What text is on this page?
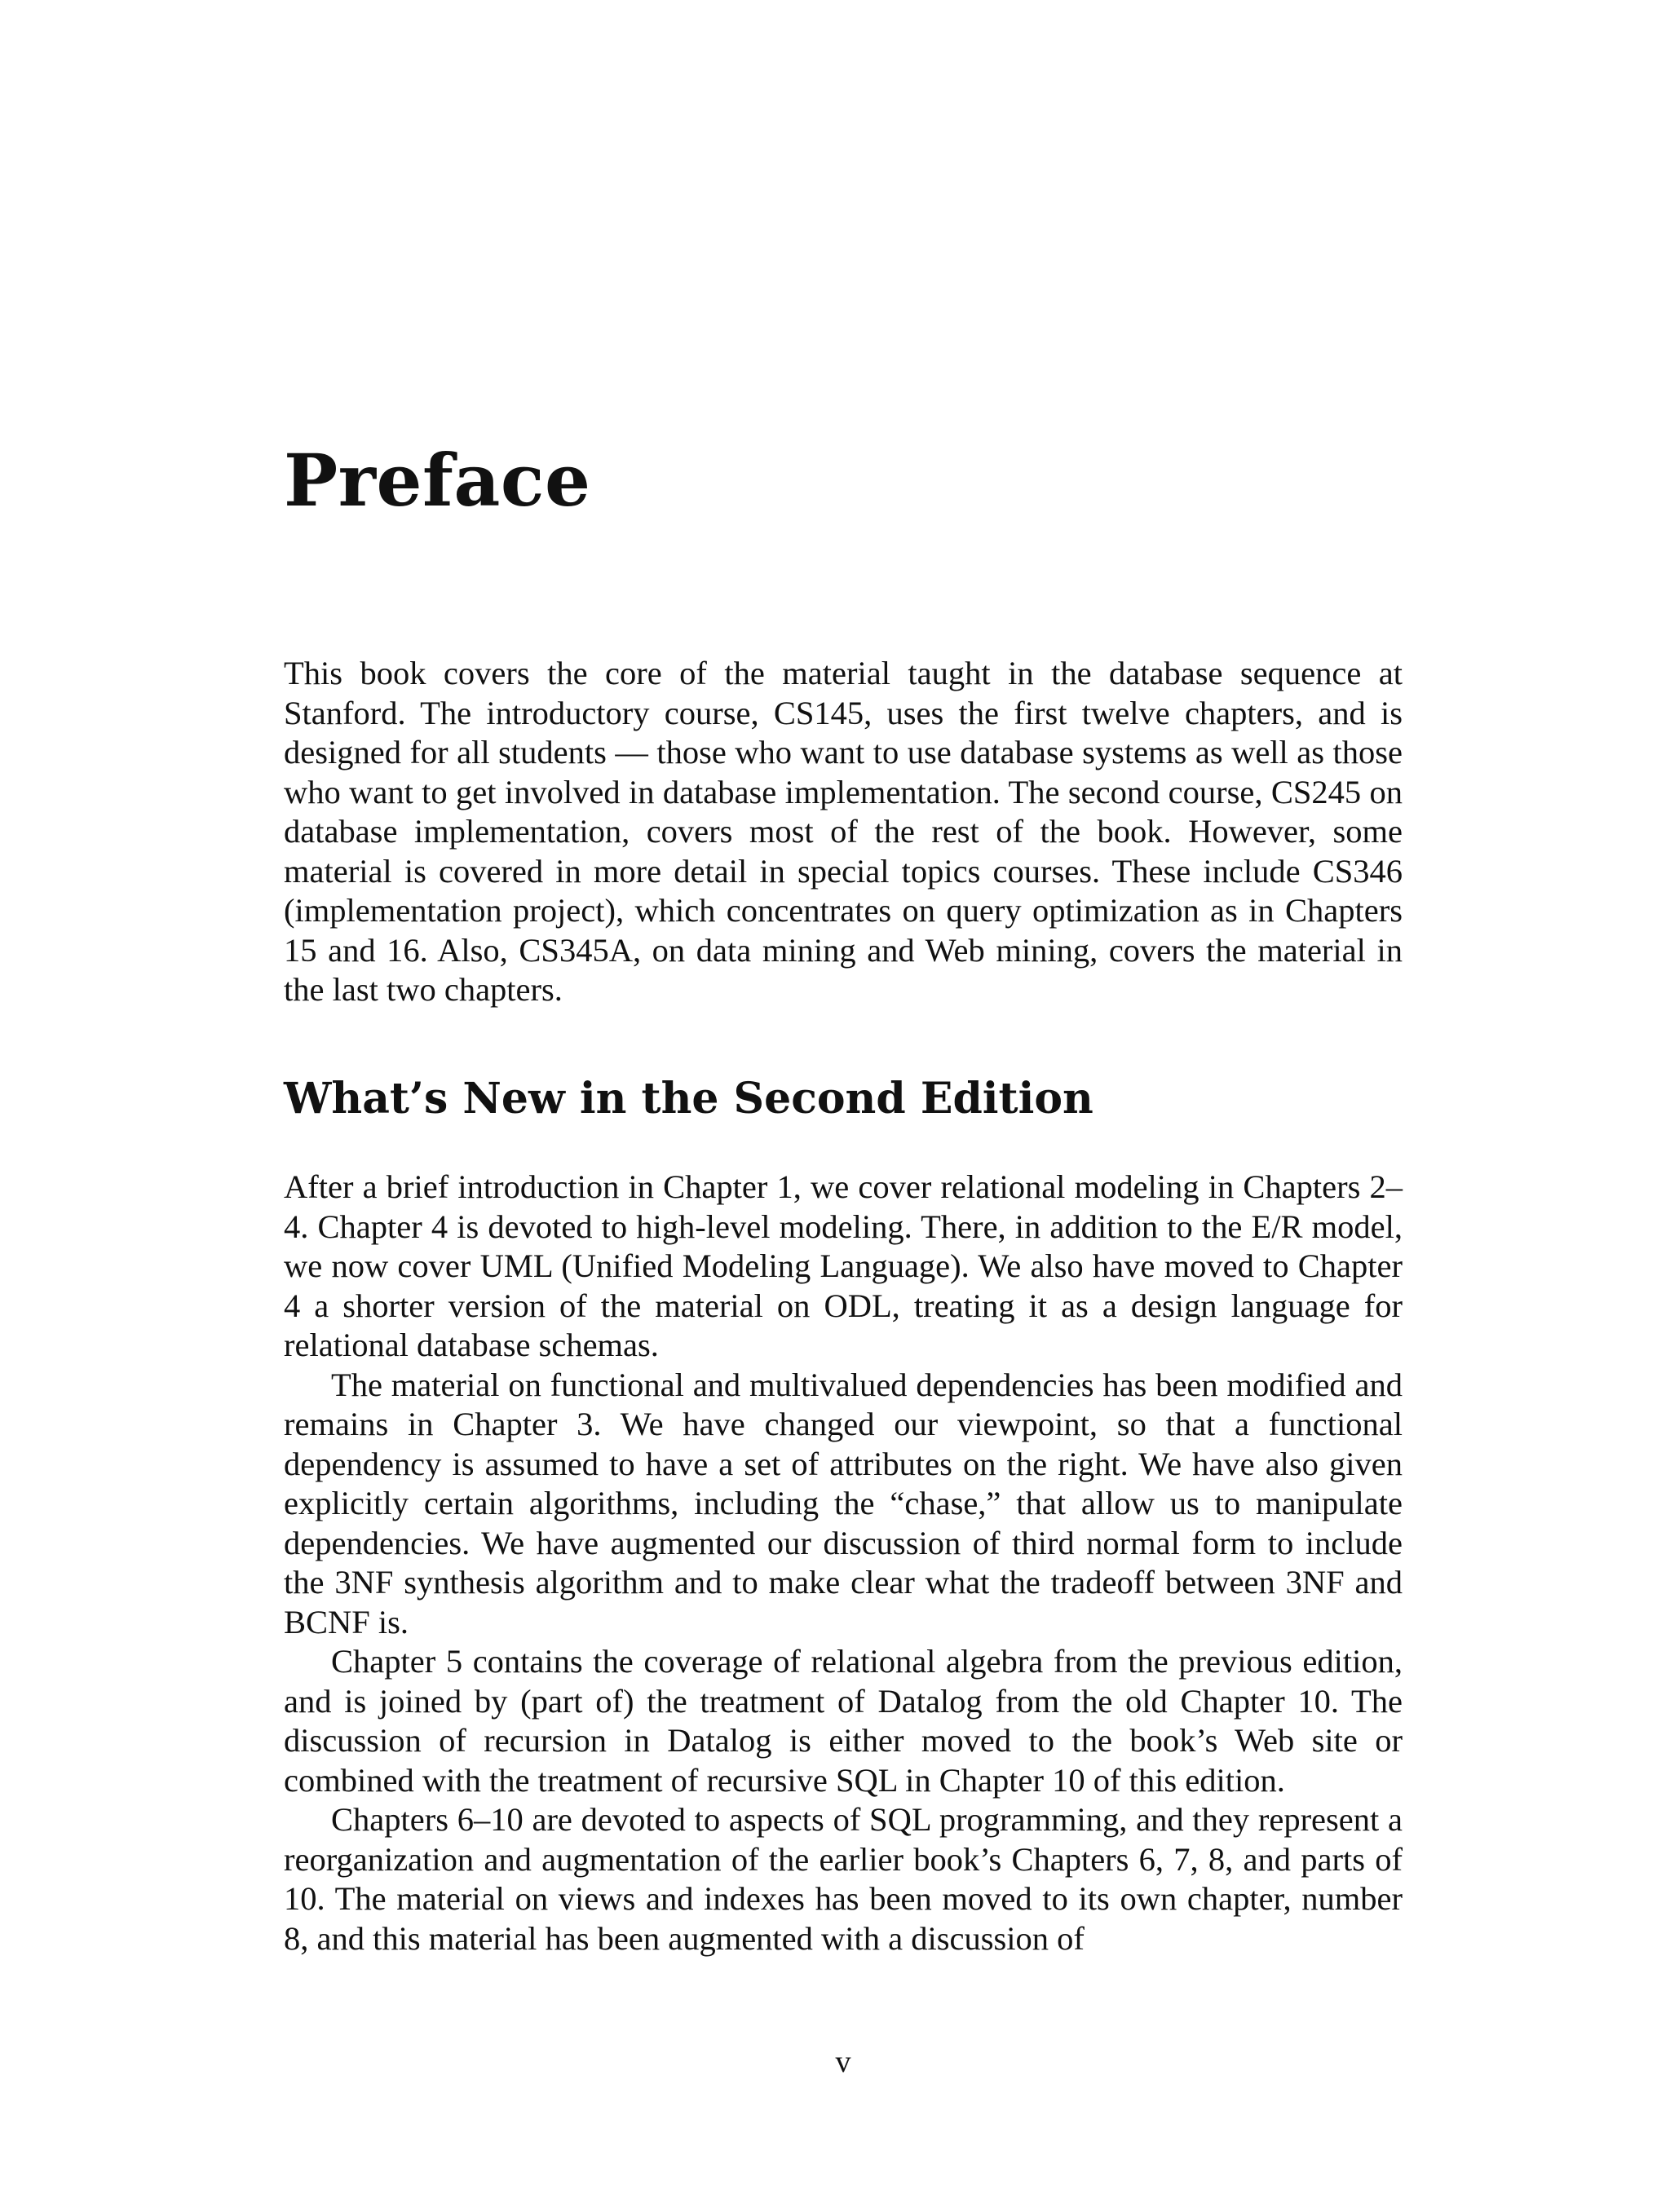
Preface

This book covers the core of the material taught in the database sequence at Stanford. The introductory course, CS145, uses the first twelve chapters, and is designed for all students — those who want to use database systems as well as those who want to get involved in database implementation. The second course, CS245 on database implementation, covers most of the rest of the book. However, some material is covered in more detail in special topics courses. These include CS346 (implementation project), which concentrates on query optimization as in Chapters 15 and 16. Also, CS345A, on data mining and Web mining, covers the material in the last two chapters.

What’s New in the Second Edition

After a brief introduction in Chapter 1, we cover relational modeling in Chapters 2–4. Chapter 4 is devoted to high-level modeling. There, in addition to the E/R model, we now cover UML (Unified Modeling Language). We also have moved to Chapter 4 a shorter version of the material on ODL, treating it as a design language for relational database schemas.

The material on functional and multivalued dependencies has been modified and remains in Chapter 3. We have changed our viewpoint, so that a functional dependency is assumed to have a set of attributes on the right. We have also given explicitly certain algorithms, including the “chase,” that allow us to manipulate dependencies. We have augmented our discussion of third normal form to include the 3NF synthesis algorithm and to make clear what the tradeoff between 3NF and BCNF is.

Chapter 5 contains the coverage of relational algebra from the previous edition, and is joined by (part of) the treatment of Datalog from the old Chapter 10. The discussion of recursion in Datalog is either moved to the book’s Web site or combined with the treatment of recursive SQL in Chapter 10 of this edition.

Chapters 6–10 are devoted to aspects of SQL programming, and they represent a reorganization and augmentation of the earlier book’s Chapters 6, 7, 8, and parts of 10. The material on views and indexes has been moved to its own chapter, number 8, and this material has been augmented with a discussion of

v
